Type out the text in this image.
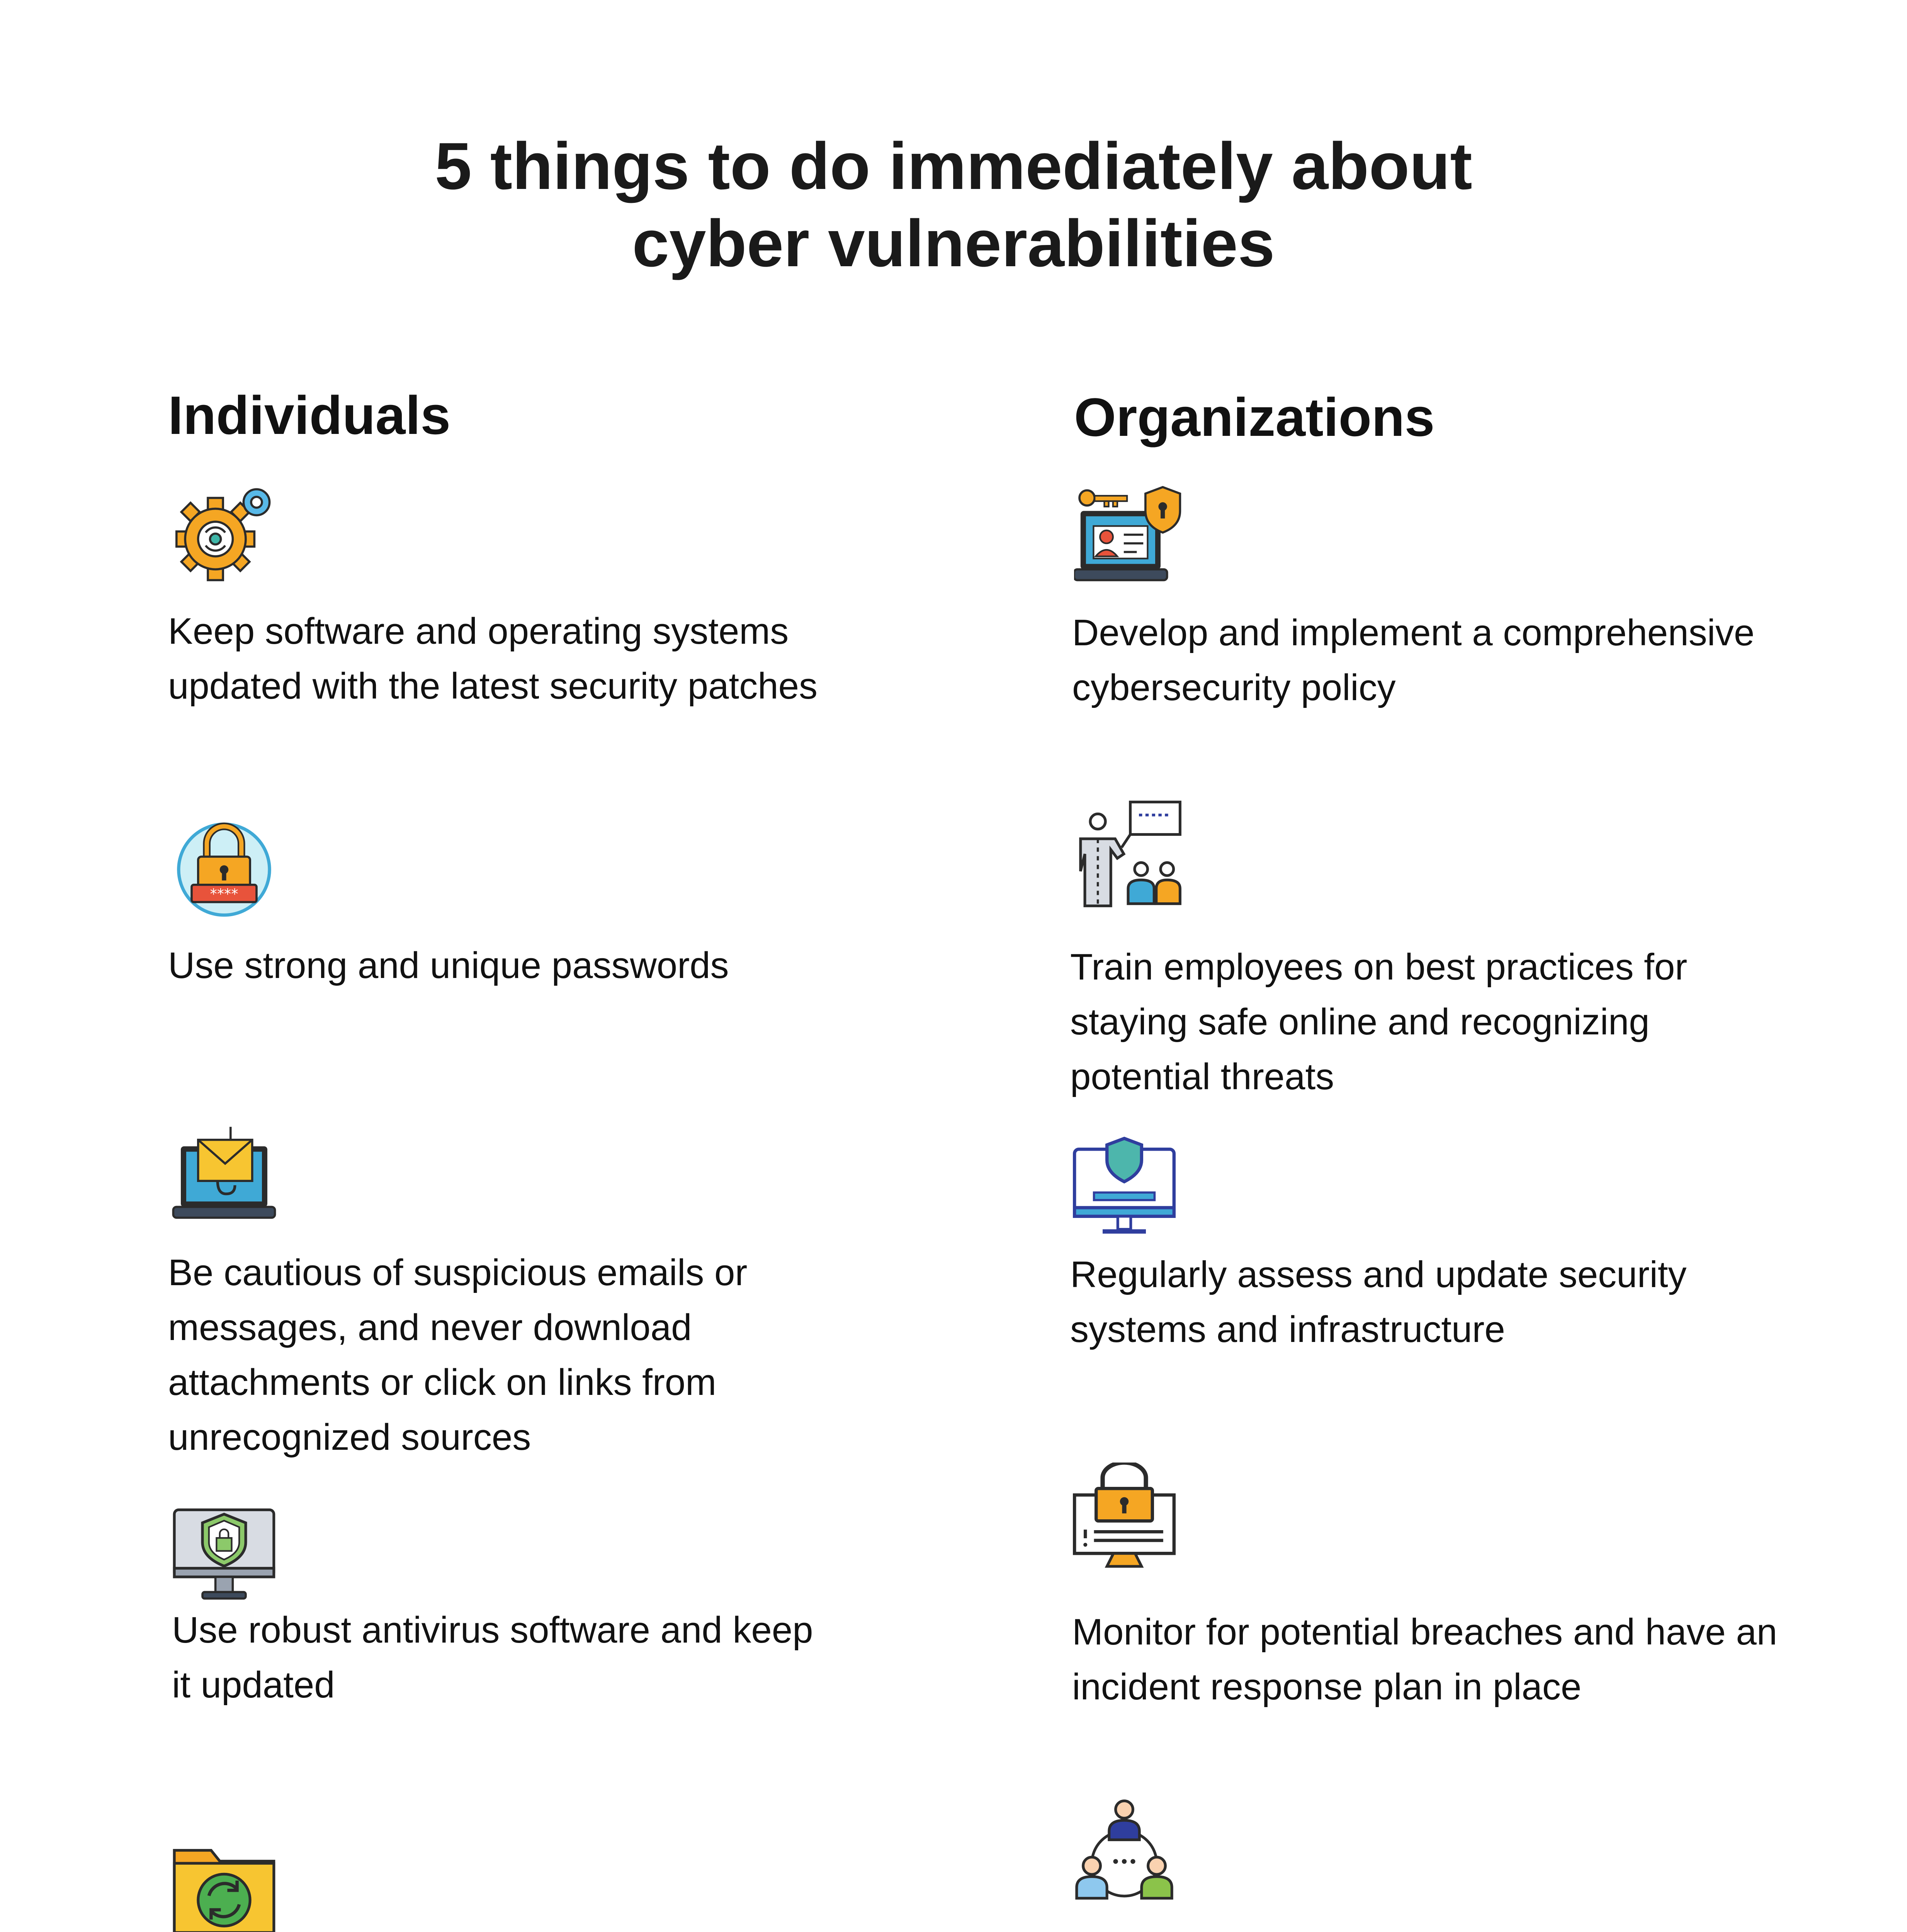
5 things to do immediately about
cyber vulnerabilities
Individuals	Organizations

Keep software and operating systems updated with the latest security patches

****

Use strong and unique passwords

Be cautious of suspicious emails or messages, and never download attachments or click on links from unrecognized sources

Use robust antivirus software and keep it updated

Develop and implement a comprehensive cybersecurity policy

Train employees on best practices for staying safe online and recognizing potential threats

Regularly assess and update security systems and infrastructure

Monitor for potential breaches and have an incident response plan in place
